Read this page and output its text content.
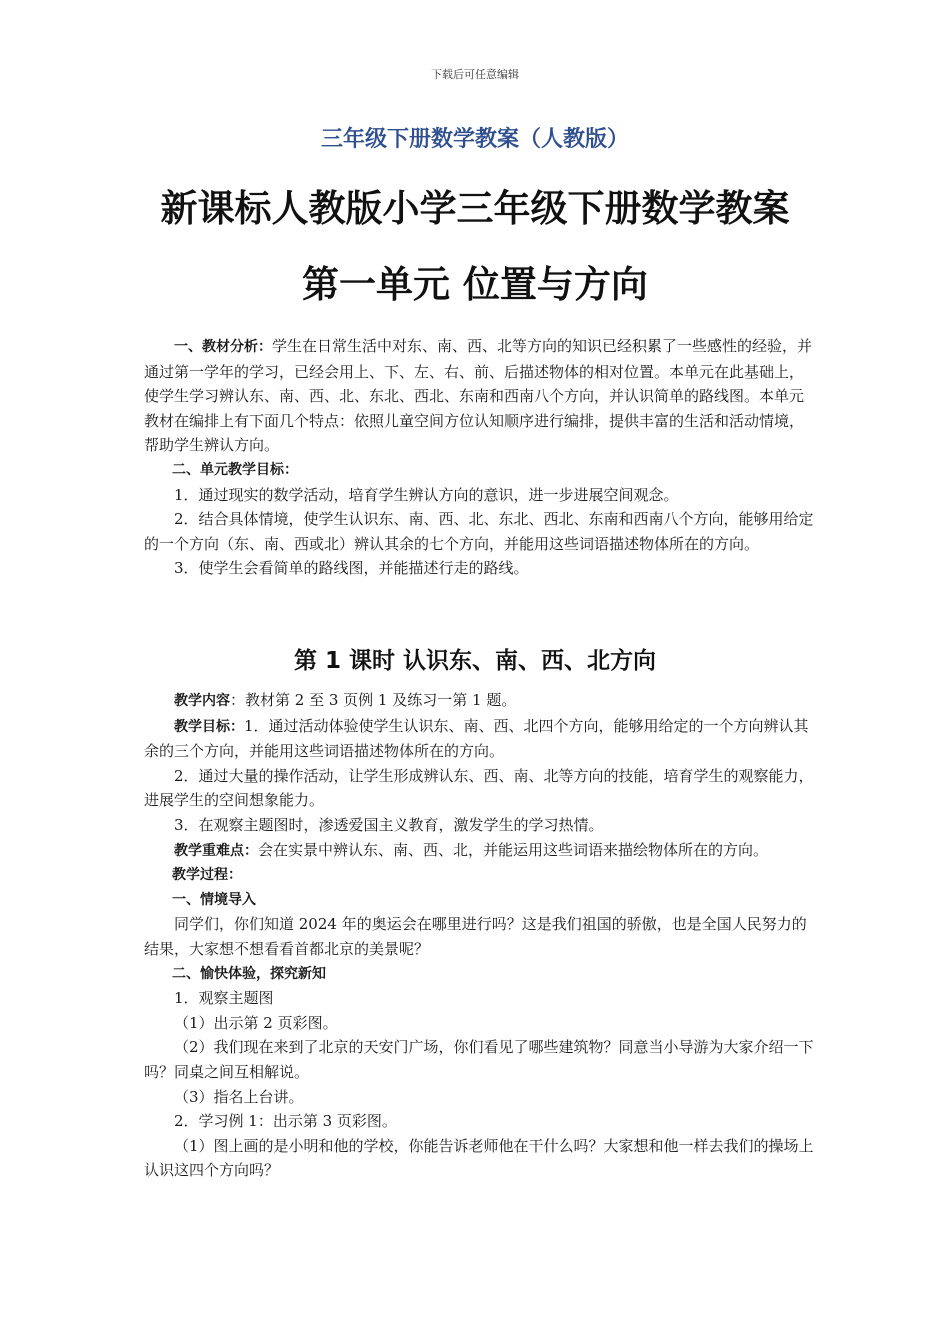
下载后可任意编辑
三年级下册数学教案（人教版）
新课标人教版小学三年级下册数学教案
第一单元 位置与方向

一、教材分析：学生在日常生活中对东、南、西、北等方向的知识已经积累了一些感性的经验，并通过第一学年的学习，已经会用上、下、左、右、前、后描述物体的相对位置。本单元在此基础上，使学生学习辨认东、南、西、北、东北、西北、东南和西南八个方向，并认识简单的路线图。本单元教材在编排上有下面几个特点：依照儿童空间方位认知顺序进行编排，提供丰富的生活和活动情境，帮助学生辨认方向。

二、单元教学目标：

1．通过现实的数学活动，培育学生辨认方向的意识，进一步进展空间观念。

2．结合具体情境，使学生认识东、南、西、北、东北、西北、东南和西南八个方向，能够用给定的一个方向（东、南、西或北）辨认其余的七个方向，并能用这些词语描述物体所在的方向。

3．使学生会看简单的路线图，并能描述行走的路线。

第 1 课时 认识东、南、西、北方向

教学内容：教材第 2 至 3 页例 1 及练习一第 1 题。

教学目标：1．通过活动体验使学生认识东、南、西、北四个方向，能够用给定的一个方向辨认其余的三个方向，并能用这些词语描述物体所在的方向。

2．通过大量的操作活动，让学生形成辨认东、西、南、北等方向的技能，培育学生的观察能力，进展学生的空间想象能力。

3．在观察主题图时，渗透爱国主义教育，激发学生的学习热情。

教学重难点：会在实景中辨认东、南、西、北，并能运用这些词语来描绘物体所在的方向。

教学过程：

一、情境导入

同学们，你们知道 2024 年的奥运会在哪里进行吗？这是我们祖国的骄傲，也是全国人民努力的结果，大家想不想看看首都北京的美景呢？

二、愉快体验，探究新知

1．观察主题图

（1）出示第 2 页彩图。

（2）我们现在来到了北京的天安门广场，你们看见了哪些建筑物？同意当小导游为大家介绍一下吗？同桌之间互相解说。

（3）指名上台讲。

2．学习例 1：出示第 3 页彩图。

（1）图上画的是小明和他的学校，你能告诉老师他在干什么吗？大家想和他一样去我们的操场上认识这四个方向吗？
